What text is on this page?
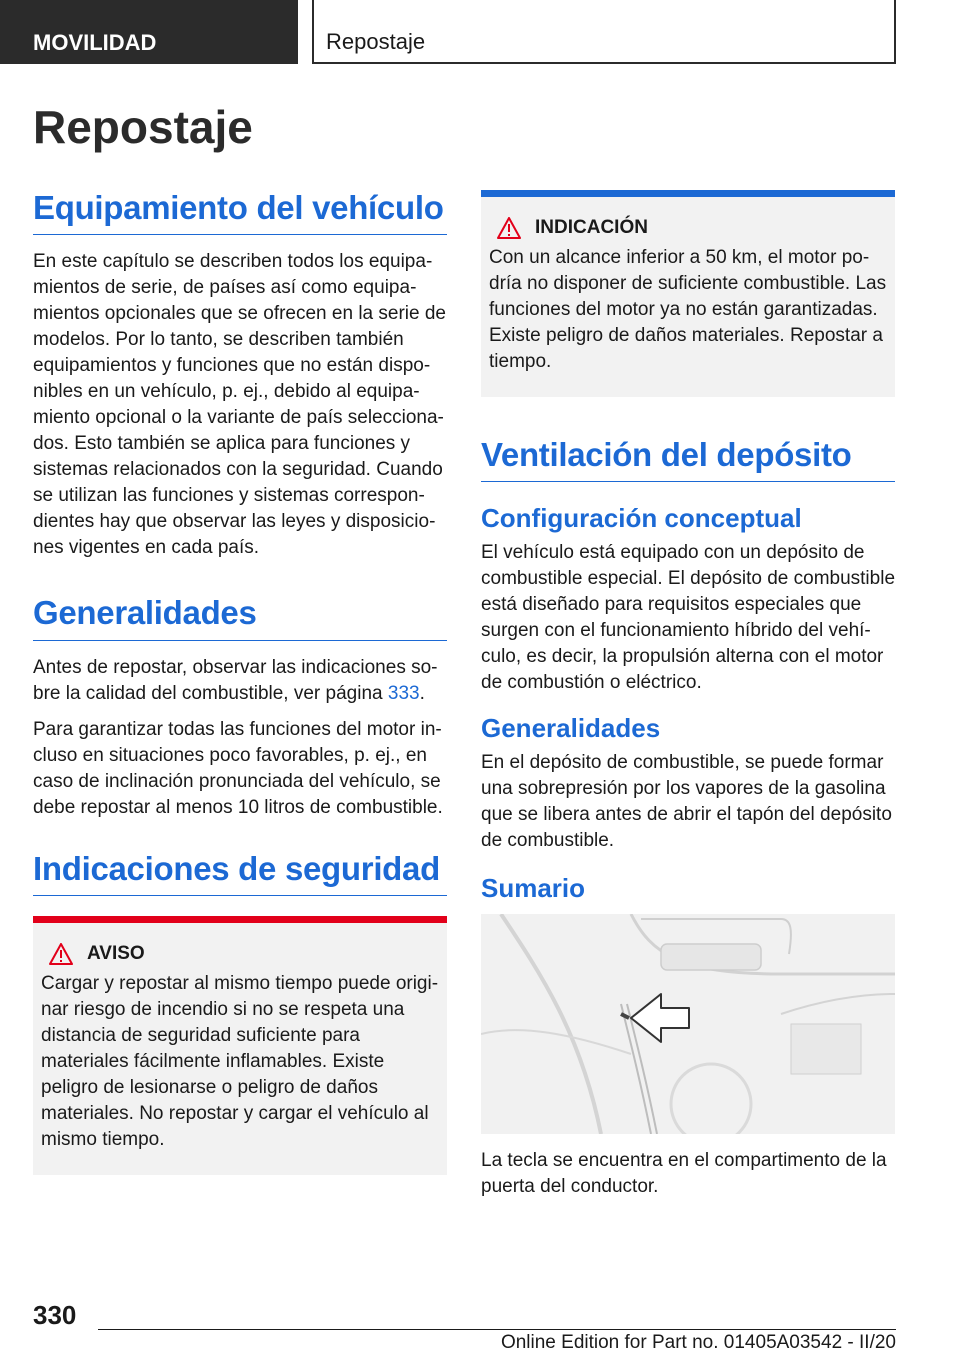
MOVILIDAD	Repostaje
Repostaje
Equipamiento del vehículo

En este capítulo se describen todos los equipamientos de serie, de países así como equipamientos opcionales que se ofrecen en la serie de modelos. Por lo tanto, se describen también equipamientos y funciones que no están disponibles en un vehículo, p. ej., debido al equipamiento opcional o la variante de país seleccionados. Esto también se aplica para funciones y sistemas relacionados con la seguridad. Cuando se utilizan las funciones y sistemas correspondientes hay que observar las leyes y disposiciones vigentes en cada país.

Generalidades

Antes de repostar, observar las indicaciones sobre la calidad del combustible, ver página 333.

Para garantizar todas las funciones del motor incluso en situaciones poco favorables, p. ej., en caso de inclinación pronunciada del vehículo, se debe repostar al menos 10 litros de combustible.

Indicaciones de seguridad
AVISO

Cargar y repostar al mismo tiempo puede originar riesgo de incendio si no se respeta una distancia de seguridad suficiente para materiales fácilmente inflamables. Existe peligro de lesionarse o peligro de daños materiales. No repostar y cargar el vehículo al mismo tiempo.

INDICACIÓN

Con un alcance inferior a 50 km, el motor podría no disponer de suficiente combustible. Las funciones del motor ya no están garantizadas. Existe peligro de daños materiales. Repostar a tiempo.

Ventilación del depósito
Configuración conceptual

El vehículo está equipado con un depósito de combustible especial. El depósito de combustible está diseñado para requisitos especiales que surgen con el funcionamiento híbrido del vehículo, es decir, la propulsión alterna con el motor de combustión o eléctrico.

Generalidades

En el depósito de combustible, se puede formar una sobrepresión por los vapores de la gasolina que se libera antes de abrir el tapón del depósito de combustible.

Sumario

La tecla se encuentra en el compartimento de la puerta del conductor.

330
Online Edition for Part no. 01405A03542 - II/20
